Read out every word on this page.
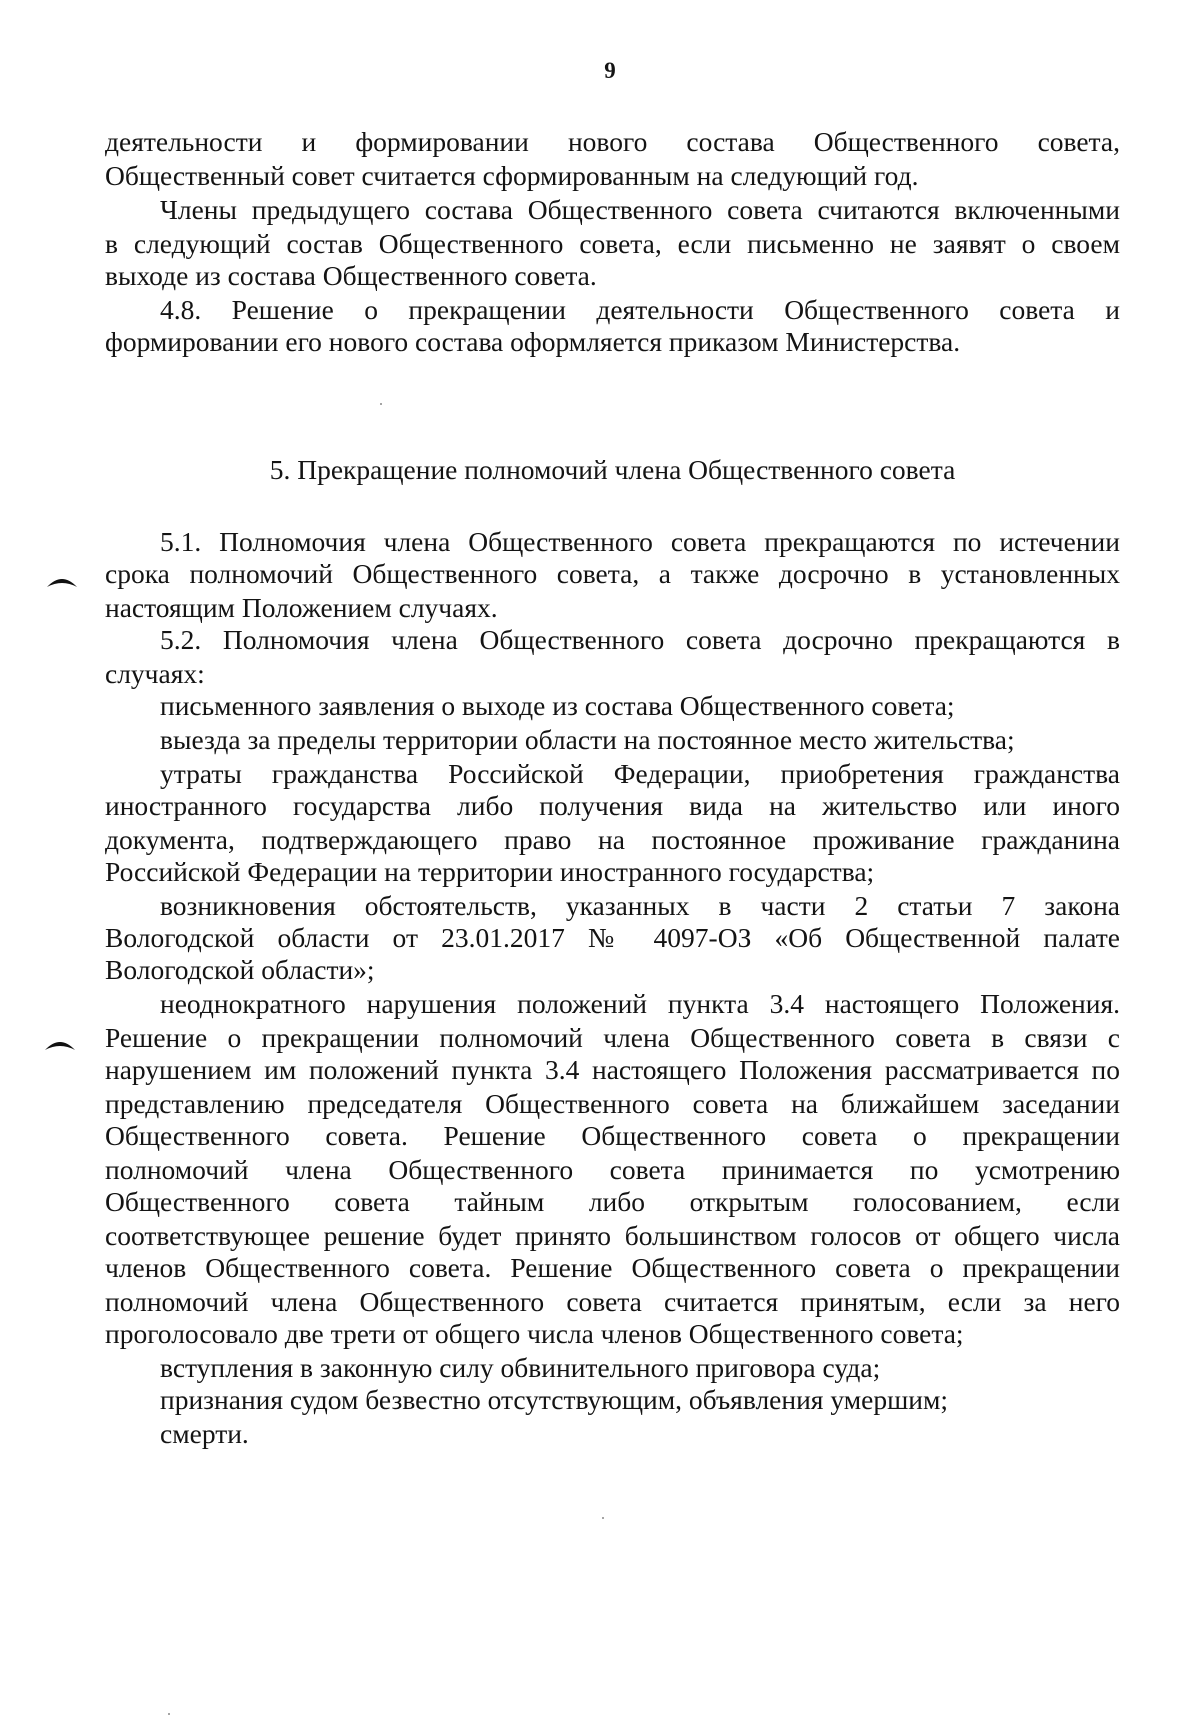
9
деятельности и формировании нового состава Общественного совета,
Общественный совет считается сформированным на следующий год.
Члены предыдущего состава Общественного совета считаются включенными
в следующий состав Общественного совета, если письменно не заявят о своем
выходе из состава Общественного совета.
4.8. Решение о прекращении деятельности Общественного совета и
формировании его нового состава оформляется приказом Министерства.
5. Прекращение полномочий члена Общественного совета
5.1. Полномочия члена Общественного совета прекращаются по истечении
срока полномочий Общественного совета, а также досрочно в установленных
настоящим Положением случаях.
5.2. Полномочия члена Общественного совета досрочно прекращаются в
случаях:
письменного заявления о выходе из состава Общественного совета;
выезда за пределы территории области на постоянное место жительства;
утраты гражданства Российской Федерации, приобретения гражданства
иностранного государства либо получения вида на жительство или иного
документа, подтверждающего право на постоянное проживание гражданина
Российской Федерации на территории иностранного государства;
возникновения обстоятельств, указанных в части 2 статьи 7 закона
Вологодской области от 23.01.2017 № 4097-ОЗ «Об Общественной палате
Вологодской области»;
неоднократного нарушения положений пункта 3.4 настоящего Положения.
Решение о прекращении полномочий члена Общественного совета в связи с
нарушением им положений пункта 3.4 настоящего Положения рассматривается по
представлению председателя Общественного совета на ближайшем заседании
Общественного совета. Решение Общественного совета о прекращении
полномочий члена Общественного совета принимается по усмотрению
Общественного совета тайным либо открытым голосованием, если
соответствующее решение будет принято большинством голосов от общего числа
членов Общественного совета. Решение Общественного совета о прекращении
полномочий члена Общественного совета считается принятым, если за него
проголосовало две трети от общего числа членов Общественного совета;
вступления в законную силу обвинительного приговора суда;
признания судом безвестно отсутствующим, объявления умершим;
смерти.
